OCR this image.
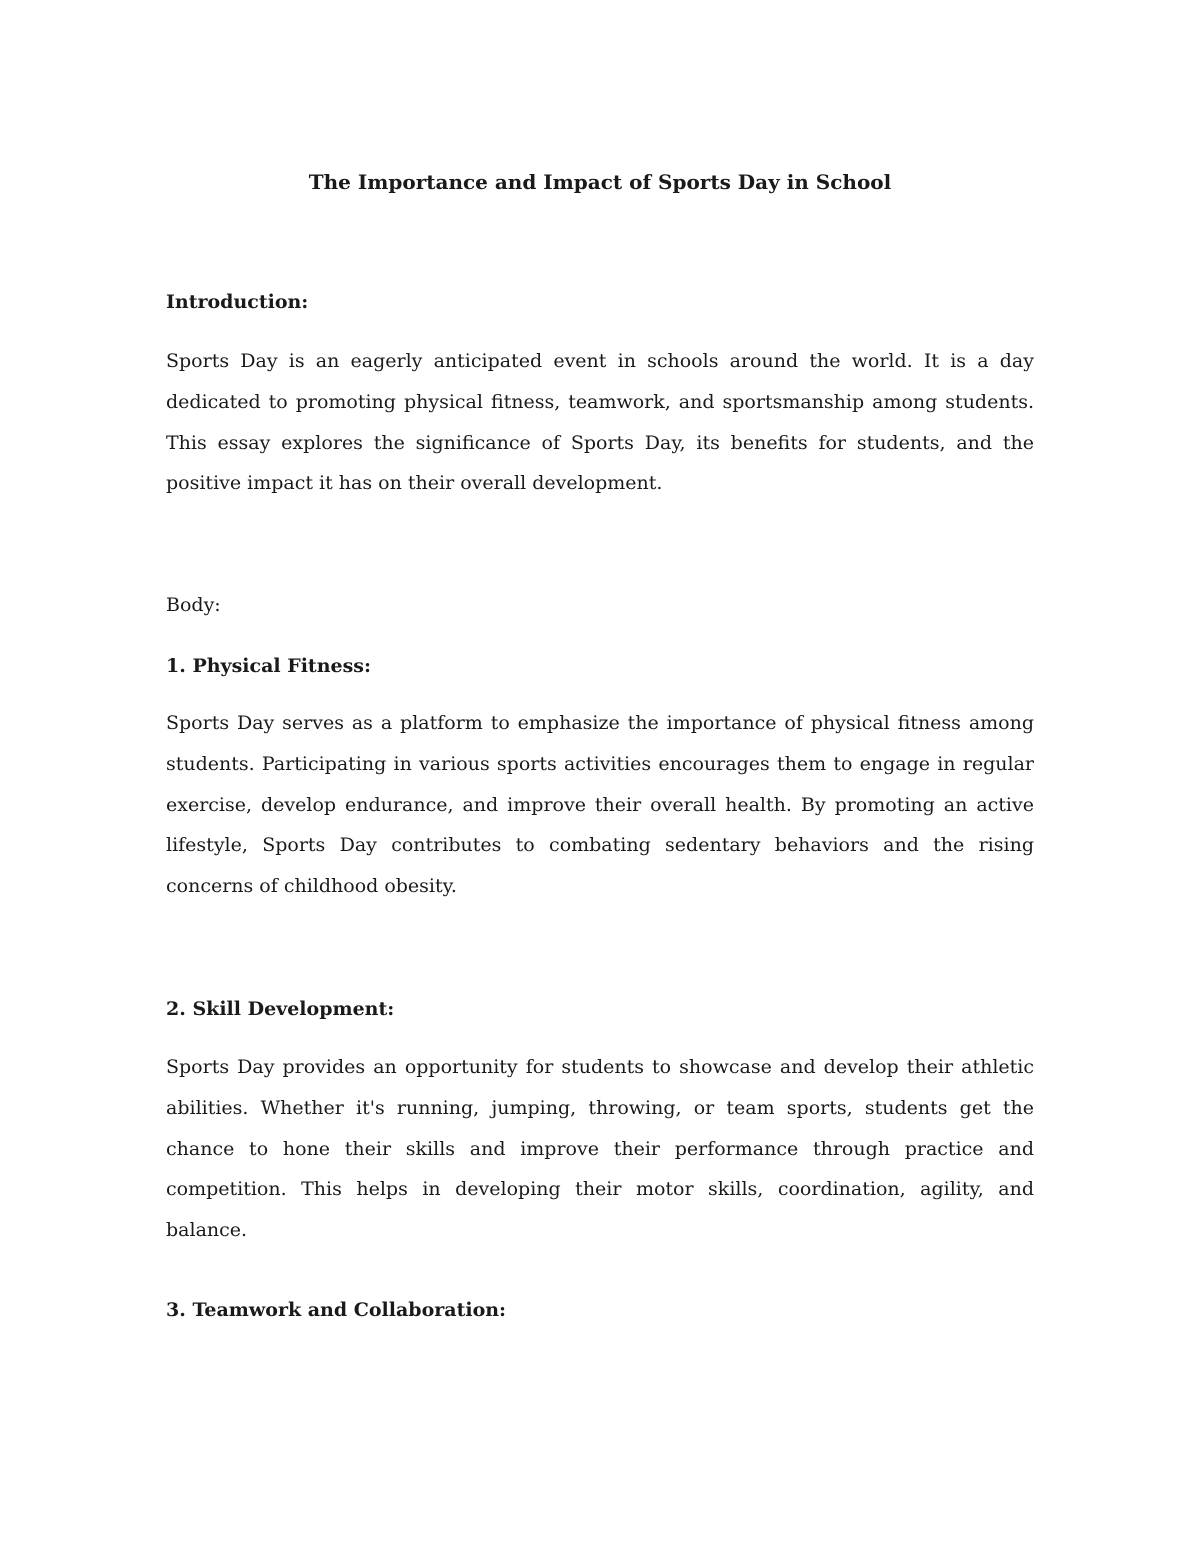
The Importance and Impact of Sports Day in School
Introduction:

Sports Day is an eagerly anticipated event in schools around the world. It is a day dedicated to promoting physical fitness, teamwork, and sportsmanship among students. This essay explores the significance of Sports Day, its benefits for students, and the positive impact it has on their overall development.

Body:
1. Physical Fitness:

Sports Day serves as a platform to emphasize the importance of physical fitness among students. Participating in various sports activities encourages them to engage in regular exercise, develop endurance, and improve their overall health. By promoting an active lifestyle, Sports Day contributes to combating sedentary behaviors and the rising concerns of childhood obesity.

2. Skill Development:

Sports Day provides an opportunity for students to showcase and develop their athletic abilities. Whether it's running, jumping, throwing, or team sports, students get the chance to hone their skills and improve their performance through practice and competition. This helps in developing their motor skills, coordination, agility, and balance.

3. Teamwork and Collaboration:
